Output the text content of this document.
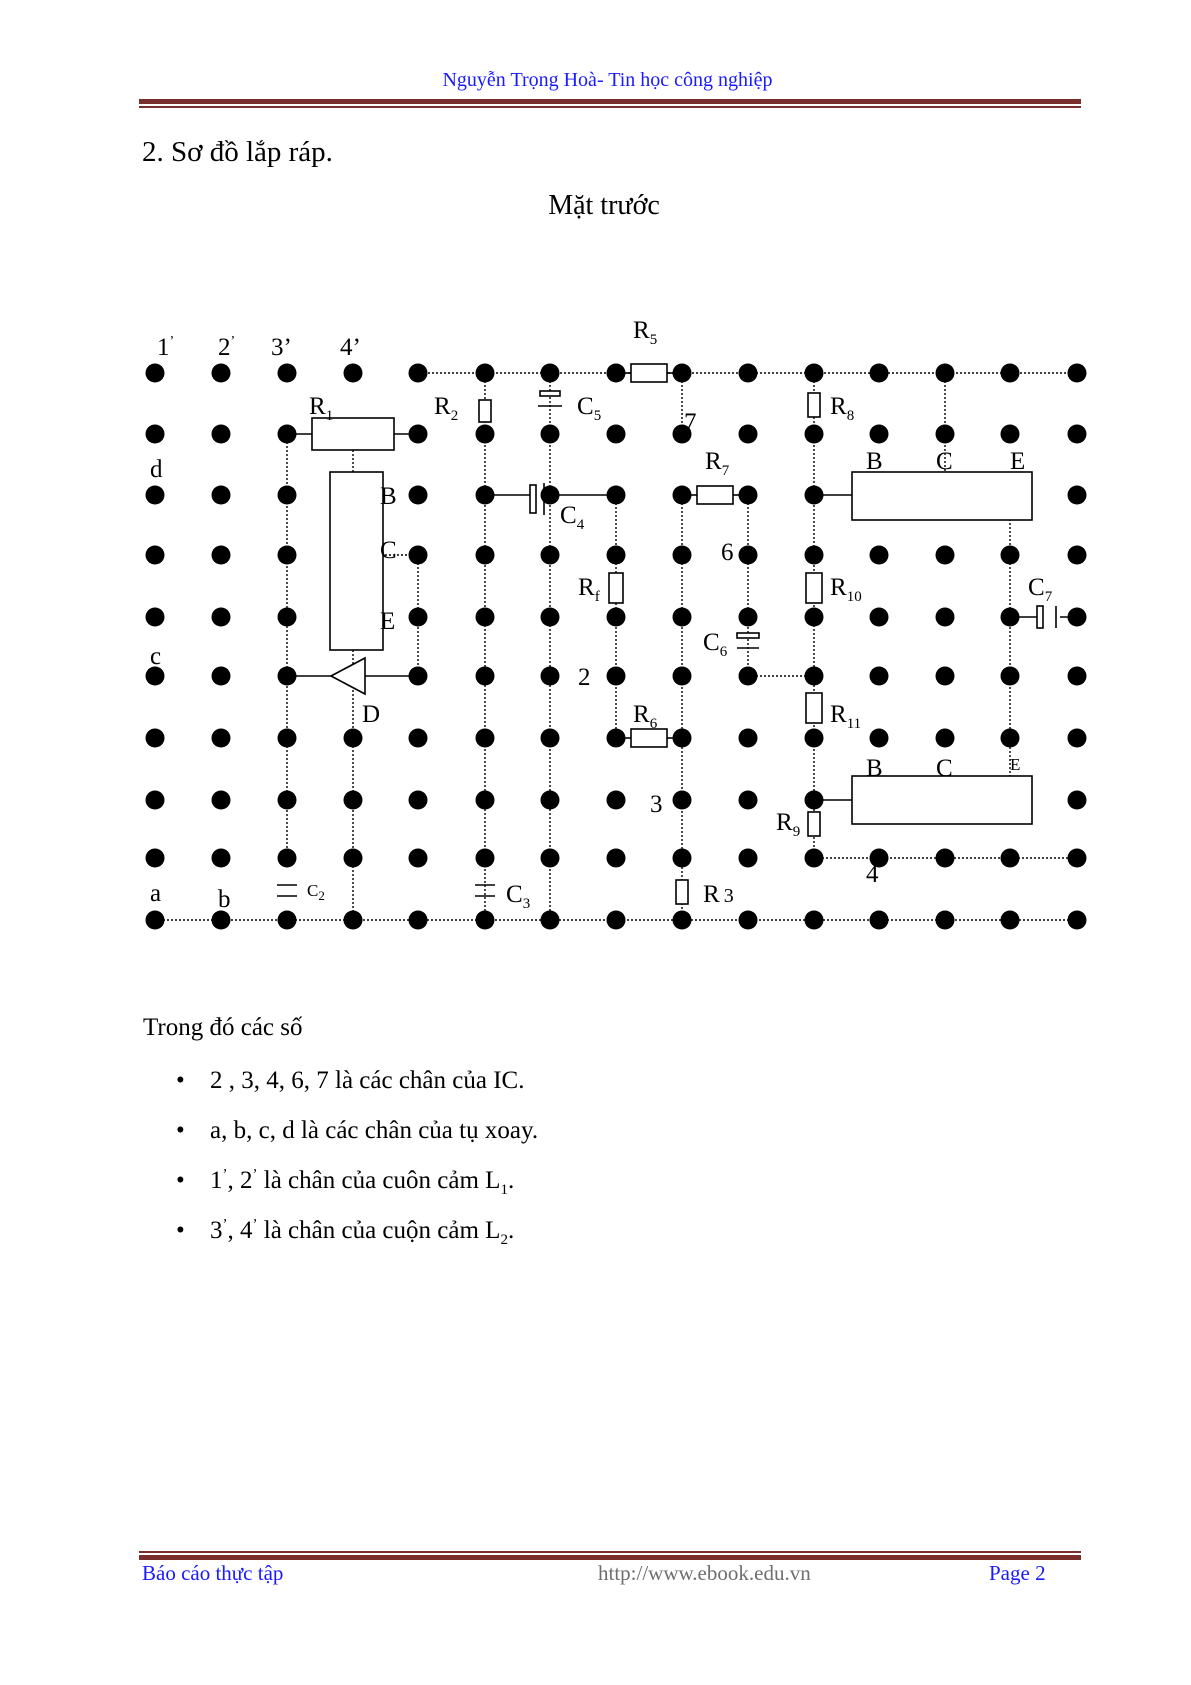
Nguyễn Trọng Hoà- Tin học công nghiệp
2. Sơ đồ lắp ráp.
Mặt trước
1’ 2’ 3’ 4’
$R_5$
$R_1$	$R_2$	$C_5$	7
$R_8$
d	$R_7$	B C E
B
$C_4$
6
C
$R_f$	$R_{10}$	$C_7$
E
$C_6$
c
2
D	$R_6$	$R_{11}$
B C	E
3
$R_9$
4
a b	$C_2$	$C_3$	R 3
Trong đó các số
• 2 , 3, 4, 6, 7 là các chân của IC.
• a, b, c, d là các chân của tụ xoay.
• 1’, 2’ là chân của cuôn cảm $L_1$.
• 3’, 4’ là chân của cuộn cảm $L_2$.
Báo cáo thực tập	http://www.ebook.edu.vn	Page 2
